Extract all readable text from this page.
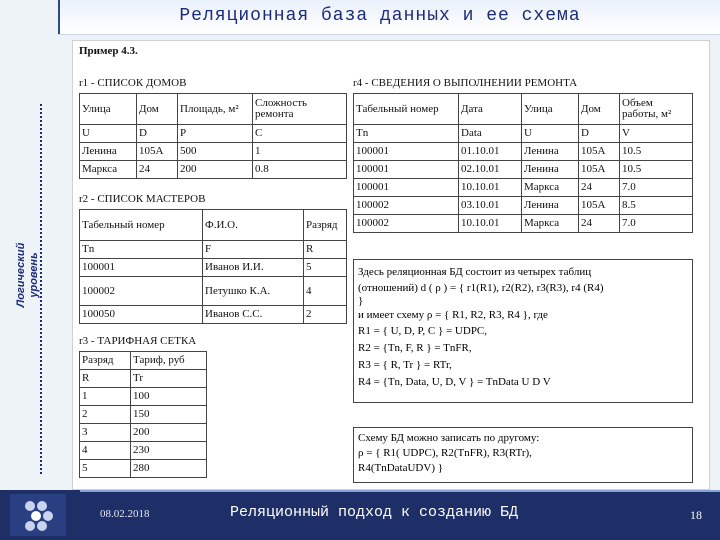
Реляционная база данных и ее схема
Логический уровень
Пример 4.3.
r1 - СПИСОК ДОМОВ
Улица	Дом	Площадь, м²	Сложность ремонта
U	D	P	C
Ленина	105А	500	1
Маркса	24	200	0.8
r2 - СПИСОК МАСТЕРОВ
Табельный номер	Ф.И.О.	Разряд
Tn	F	R
100001	Иванов И.И.	5
100002	Петушко К.А.	4
100050	Иванов С.С.	2
r3 - ТАРИФНАЯ СЕТКА
Разряд	Тариф, руб
R	Tr
1	100
2	150
3	200
4	230
5	280
r4 - СВЕДЕНИЯ О ВЫПОЛНЕНИИ РЕМОНТА
Табельный номер	Дата	Улица	Дом	Объем работы, м²
Tn	Data	U	D	V
100001	01.10.01	Ленина	105А	10.5
100001	02.10.01	Ленина	105А	10.5
100001	10.10.01	Маркса	24	7.0
100002	03.10.01	Ленина	105А	8.5
100002	10.10.01	Маркса	24	7.0
Здесь реляционная БД состоит из четырех таблиц
(отношений) d ( ρ ) = { r1(R1), r2(R2), r3(R3), r4 (R4)
}
и имеет схему ρ = { R1, R2, R3, R4 }, где
R1 = { U, D, P, C } = UDPC,
R2 = {Tn, F, R } = TnFR,
R3 = { R, Tr } = RTr,
R4 = {Tn, Data, U, D, V } = TnData U D V
Схему БД можно записать по другому:
ρ = { R1( UDPC), R2(TnFR), R3(RTr),
R4(TnDataUDV) }
08.02.2018	Реляционный подход к созданию БД	18
